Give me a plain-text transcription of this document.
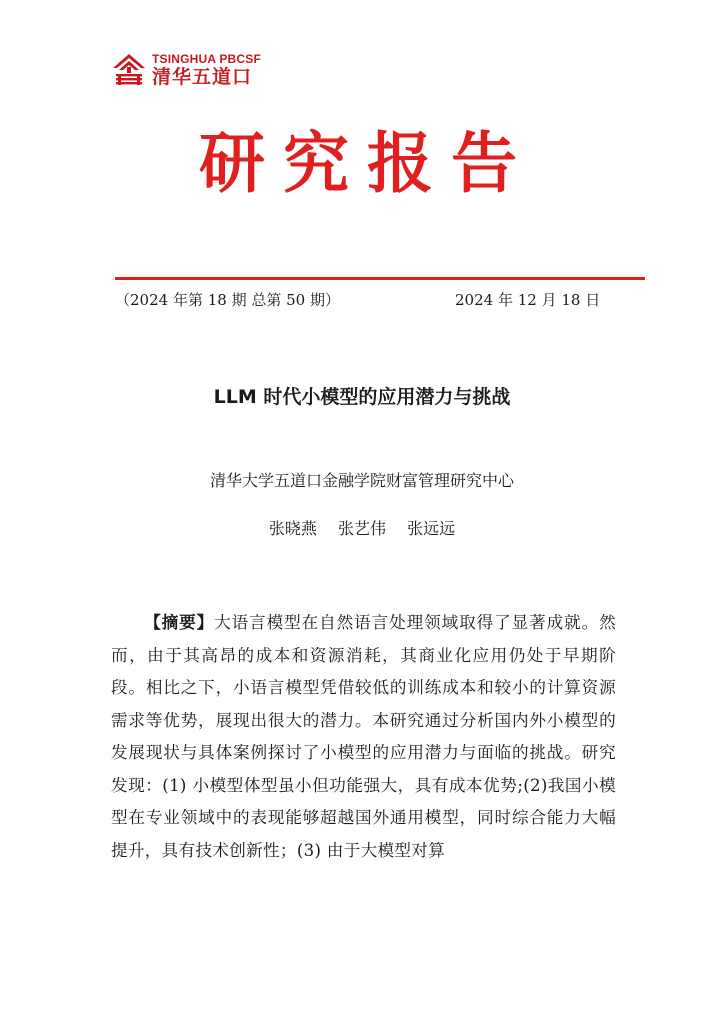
TSINGHUA PBCSF
清华五道口
研究报告
（2024 年第 18 期 总第 50 期）	2024 年 12 月 18 日
LLM 时代小模型的应用潜力与挑战
清华大学五道口金融学院财富管理研究中心
张晓燕 张艺伟 张远远
【摘要】大语言模型在自然语言处理领域取得了显著成就。然而，由于其高昂的成本和资源消耗，其商业化应用仍处于早期阶段。相比之下，小语言模型凭借较低的训练成本和较小的计算资源需求等优势，展现出很大的潜力。本研究通过分析国内外小模型的发展现状与具体案例探讨了小模型的应用潜力与面临的挑战。研究发现：(1) 小模型体型虽小但功能强大，具有成本优势;(2)我国小模型在专业领域中的表现能够超越国外通用模型，同时综合能力大幅提升，具有技术创新性；(3) 由于大模型对算
